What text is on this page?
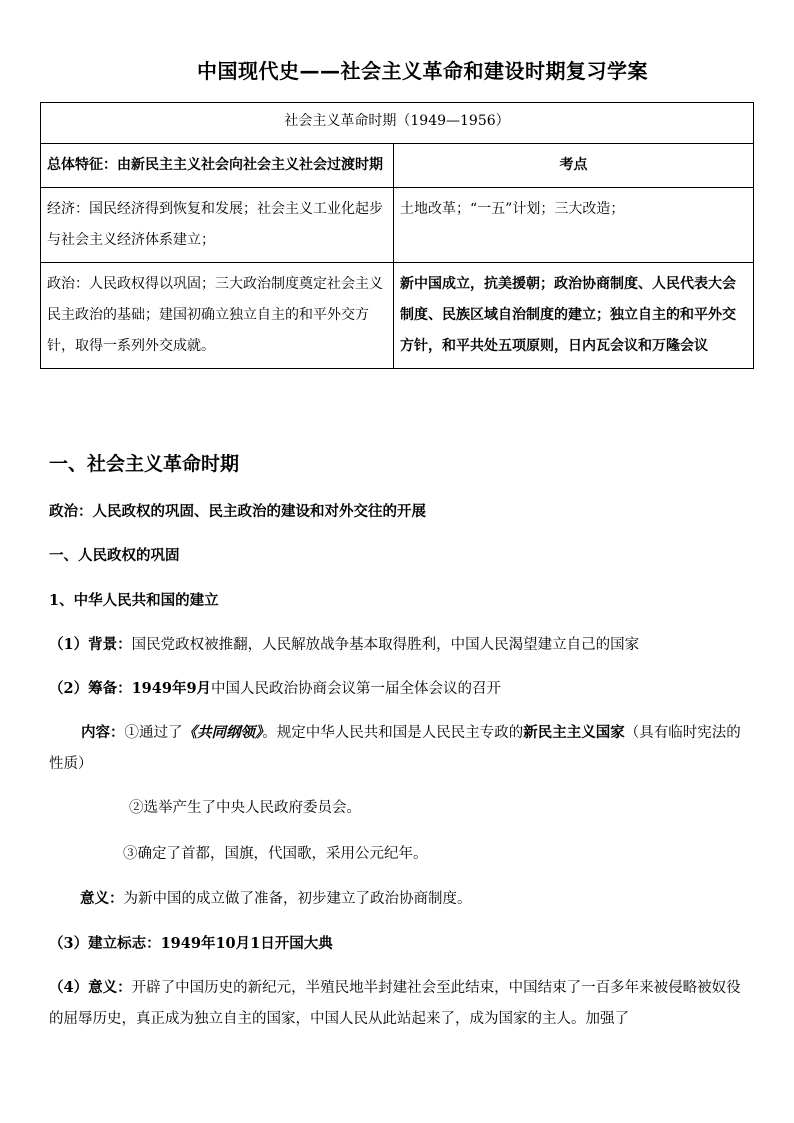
中国现代史——社会主义革命和建设时期复习学案
社会主义革命时期（1949—1956）	
总体特征：由新民主主义社会向社会主义社会过渡时期	考点
经济：国民经济得到恢复和发展；社会主义工业化起步与社会主义经济体系建立；	土地改革；“一五”计划；三大改造；
政治：人民政权得以巩固；三大政治制度奠定社会主义民主政治的基础；建国初确立独立自主的和平外交方针，取得一系列外交成就。	新中国成立，抗美援朝；政治协商制度、人民代表大会制度、民族区域自治制度的建立；独立自主的和平外交方针，和平共处五项原则，日内瓦会议和万隆会议
一、社会主义革命时期
政治：人民政权的巩固、民主政治的建设和对外交往的开展
一、人民政权的巩固
1、中华人民共和国的建立
（1）背景：国民党政权被推翻，人民解放战争基本取得胜利，中国人民渴望建立自己的国家
（2）筹备：1949年9月中国人民政治协商会议第一届全体会议的召开
内容：①通过了《共同纲领》。规定中华人民共和国是人民民主专政的新民主主义国家（具有临时宪法的性质）
②选举产生了中央人民政府委员会。
③确定了首都，国旗，代国歌，采用公元纪年。
意义：为新中国的成立做了准备，初步建立了政治协商制度。
（3）建立标志：1949年10月1日开国大典
（4）意义：开辟了中国历史的新纪元，半殖民地半封建社会至此结束，中国结束了一百多年来被侵略被奴役的屈辱历史，真正成为独立自主的国家，中国人民从此站起来了，成为国家的主人。加强了
